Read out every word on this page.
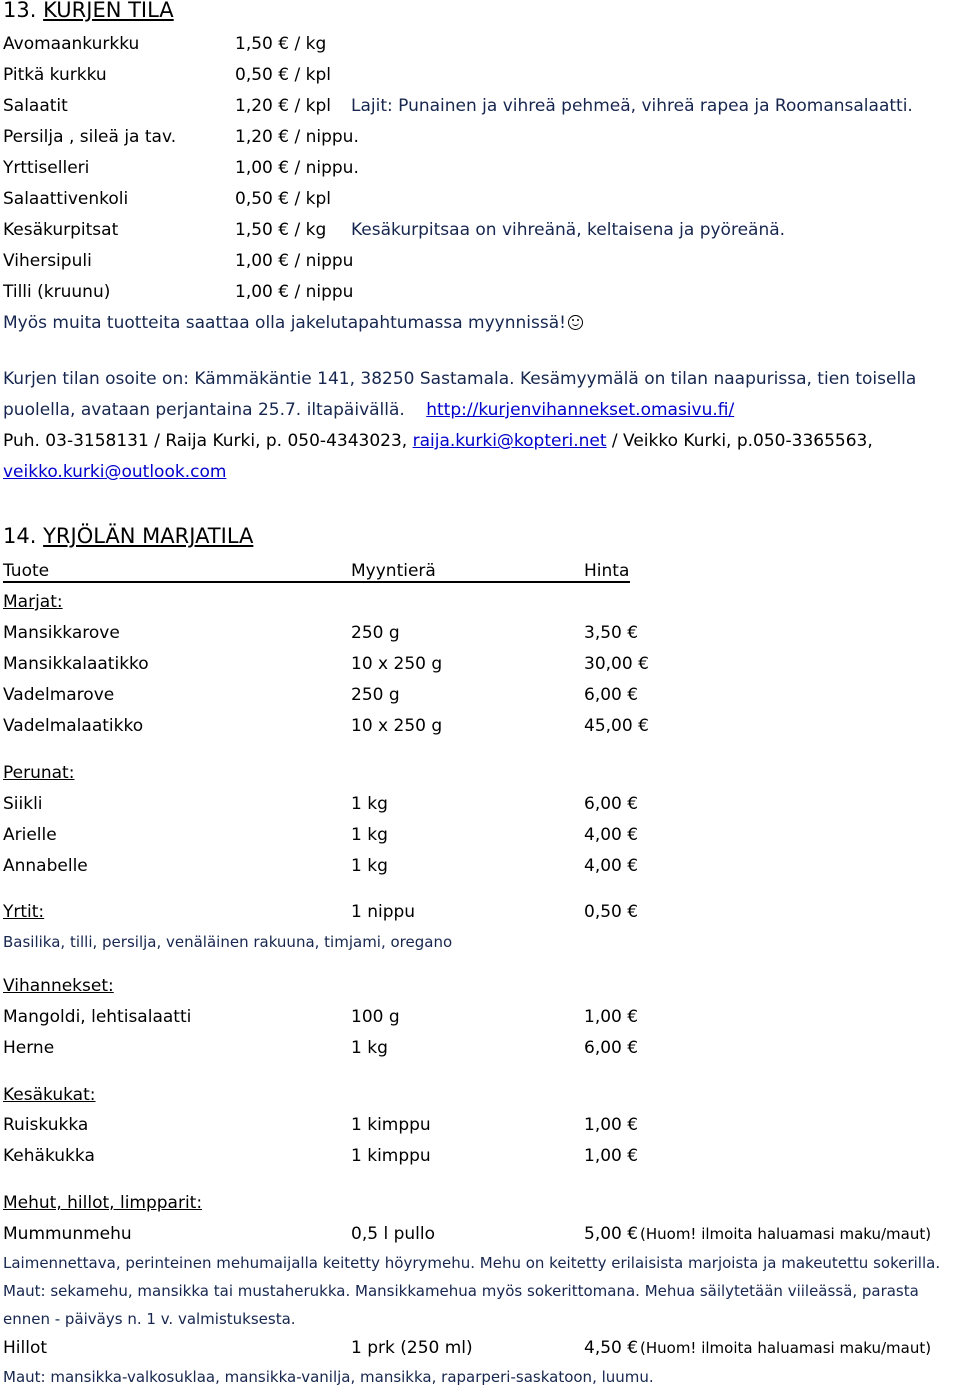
13. KURJEN TILA
Avomaankurkku	1,50 € / kg
Pitkä kurkku	0,50 € / kpl
Salaatit	1,20 € / kpl Lajit: Punainen ja vihreä pehmeä, vihreä rapea ja Roomansalaatti.
Persilja , sileä ja tav.	1,20 € / nippu.
Yrttiselleri	1,00 € / nippu.
Salaattivenkoli	0,50 € / kpl
Kesäkurpitsat	1,50 € / kg Kesäkurpitsaa on vihreänä, keltaisena ja pyöreänä.
Vihersipuli	1,00 € / nippu
Tilli (kruunu)	1,00 € / nippu
Myös muita tuotteita saattaa olla jakelutapahtumassa myynnissä!
Kurjen tilan osoite on: Kämmäkäntie 141, 38250 Sastamala. Kesämyymälä on tilan naapurissa, tien toisella
puolella, avataan perjantaina 25.7. iltapäivällä. http://kurjenvihannekset.omasivu.fi/
Puh. 03-3158131 / Raija Kurki, p. 050-4343023, raija.kurki@kopteri.net / Veikko Kurki, p.050-3365563,
veikko.kurki@outlook.com
14. YRJÖLÄN MARJATILA
Tuote	Myyntierä	Hinta
Marjat:
Mansikkarove	250 g	3,50 €
Mansikkalaatikko	10 x 250 g	30,00 €
Vadelmarove	250 g	6,00 €
Vadelmalaatikko	10 x 250 g	45,00 €
Perunat:
Siikli	1 kg	6,00 €
Arielle	1 kg	4,00 €
Annabelle	1 kg	4,00 €
Yrtit:	1 nippu	0,50 €
Vihannekset:
Mangoldi, lehtisalaatti	100 g	1,00 €
Herne	1 kg	6,00 €
Kesäkukat:
Ruiskukka	1 kimppu	1,00 €
Kehäkukka	1 kimppu	1,00 €
Mehut, hillot, limpparit:
Mummunmehu	0,5 l pullo	5,00 €
Hillot	1 prk (250 ml)	4,50 €
Basilika, tilli, persilja, venäläinen rakuuna, timjami, oregano
(Huom! ilmoita haluamasi maku/maut)
Laimennettava, perinteinen mehumaijalla keitetty höyrymehu. Mehu on keitetty erilaisista marjoista ja makeutettu sokerilla.
Maut: sekamehu, mansikka tai mustaherukka. Mansikkamehua myös sokerittomana. Mehua säilytetään viileässä, parasta
ennen - päiväys n. 1 v. valmistuksesta.
(Huom! ilmoita haluamasi maku/maut)
Maut: mansikka-valkosuklaa, mansikka-vanilja, mansikka, raparperi-saskatoon, luumu.
